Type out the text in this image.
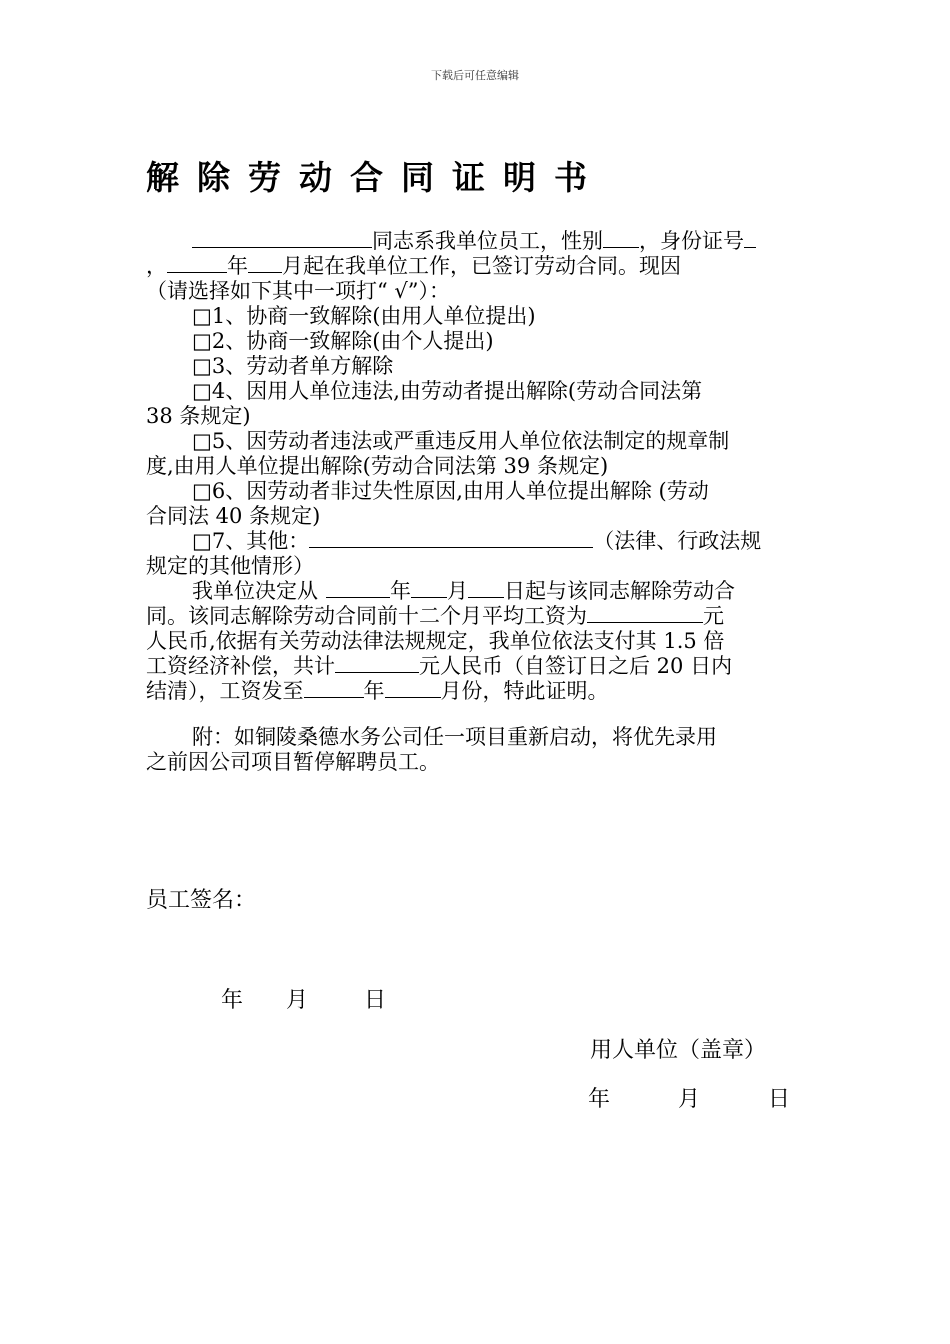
下载后可任意编辑
解除劳动合同证明书
同志系我单位员工，性别 ，身份证号
，	年 月起在我单位工作，已签订劳动合同。现因
（请选择如下其中一项打“ √”）：
□1、协商一致解除(由用人单位提出)
□2、协商一致解除(由个人提出)
□3、劳动者单方解除
□4、因用人单位违法,由劳动者提出解除(劳动合同法第
38 条规定)
□5、因劳动者违法或严重违反用人单位依法制定的规章制
度,由用人单位提出解除(劳动合同法第 39 条规定)
□6、因劳动者非过失性原因,由用人单位提出解除 (劳动
合同法 40 条规定)
□7、其他：	（法律、行政法规
规定的其他情形）
我单位决定从	年 月 日起与该同志解除劳动合
同。该同志解除劳动合同前十二个月平均工资为	元
人民币,依据有关劳动法律法规规定，我单位依法支付其 1.5 倍
工资经济补偿，共计	元人民币（自签订日之后 20 日内
结清），工资发至	年	月份，特此证明。
附：如铜陵桑德水务公司任一项目重新启动，将优先录用
之前因公司项目暂停解聘员工。
员工签名：
年 月	日
用人单位（盖章）
年	月	日
